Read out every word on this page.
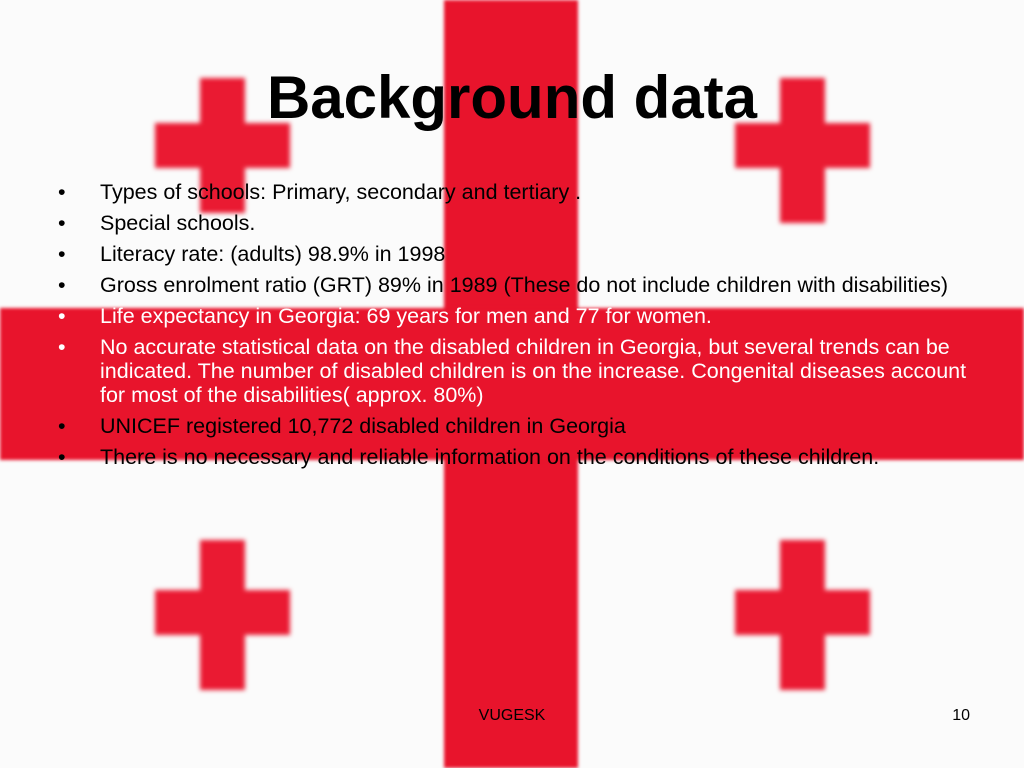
Background data
• Types of schools: Primary, secondary and tertiary .
• Special schools.
• Literacy rate: (adults) 98.9% in 1998
• Gross enrolment ratio (GRT) 89% in 1989 (These do not include children with disabilities)
• Life expectancy in Georgia: 69 years for men and 77 for women.
• No accurate statistical data on the disabled children in Georgia, but several trends can be indicated. The number of disabled children is on the increase. Congenital diseases account for most of the disabilities( approx. 80%)
• UNICEF registered 10,772 disabled children in Georgia
• There is no necessary and reliable information on the conditions of these children.
VUGESK	10
